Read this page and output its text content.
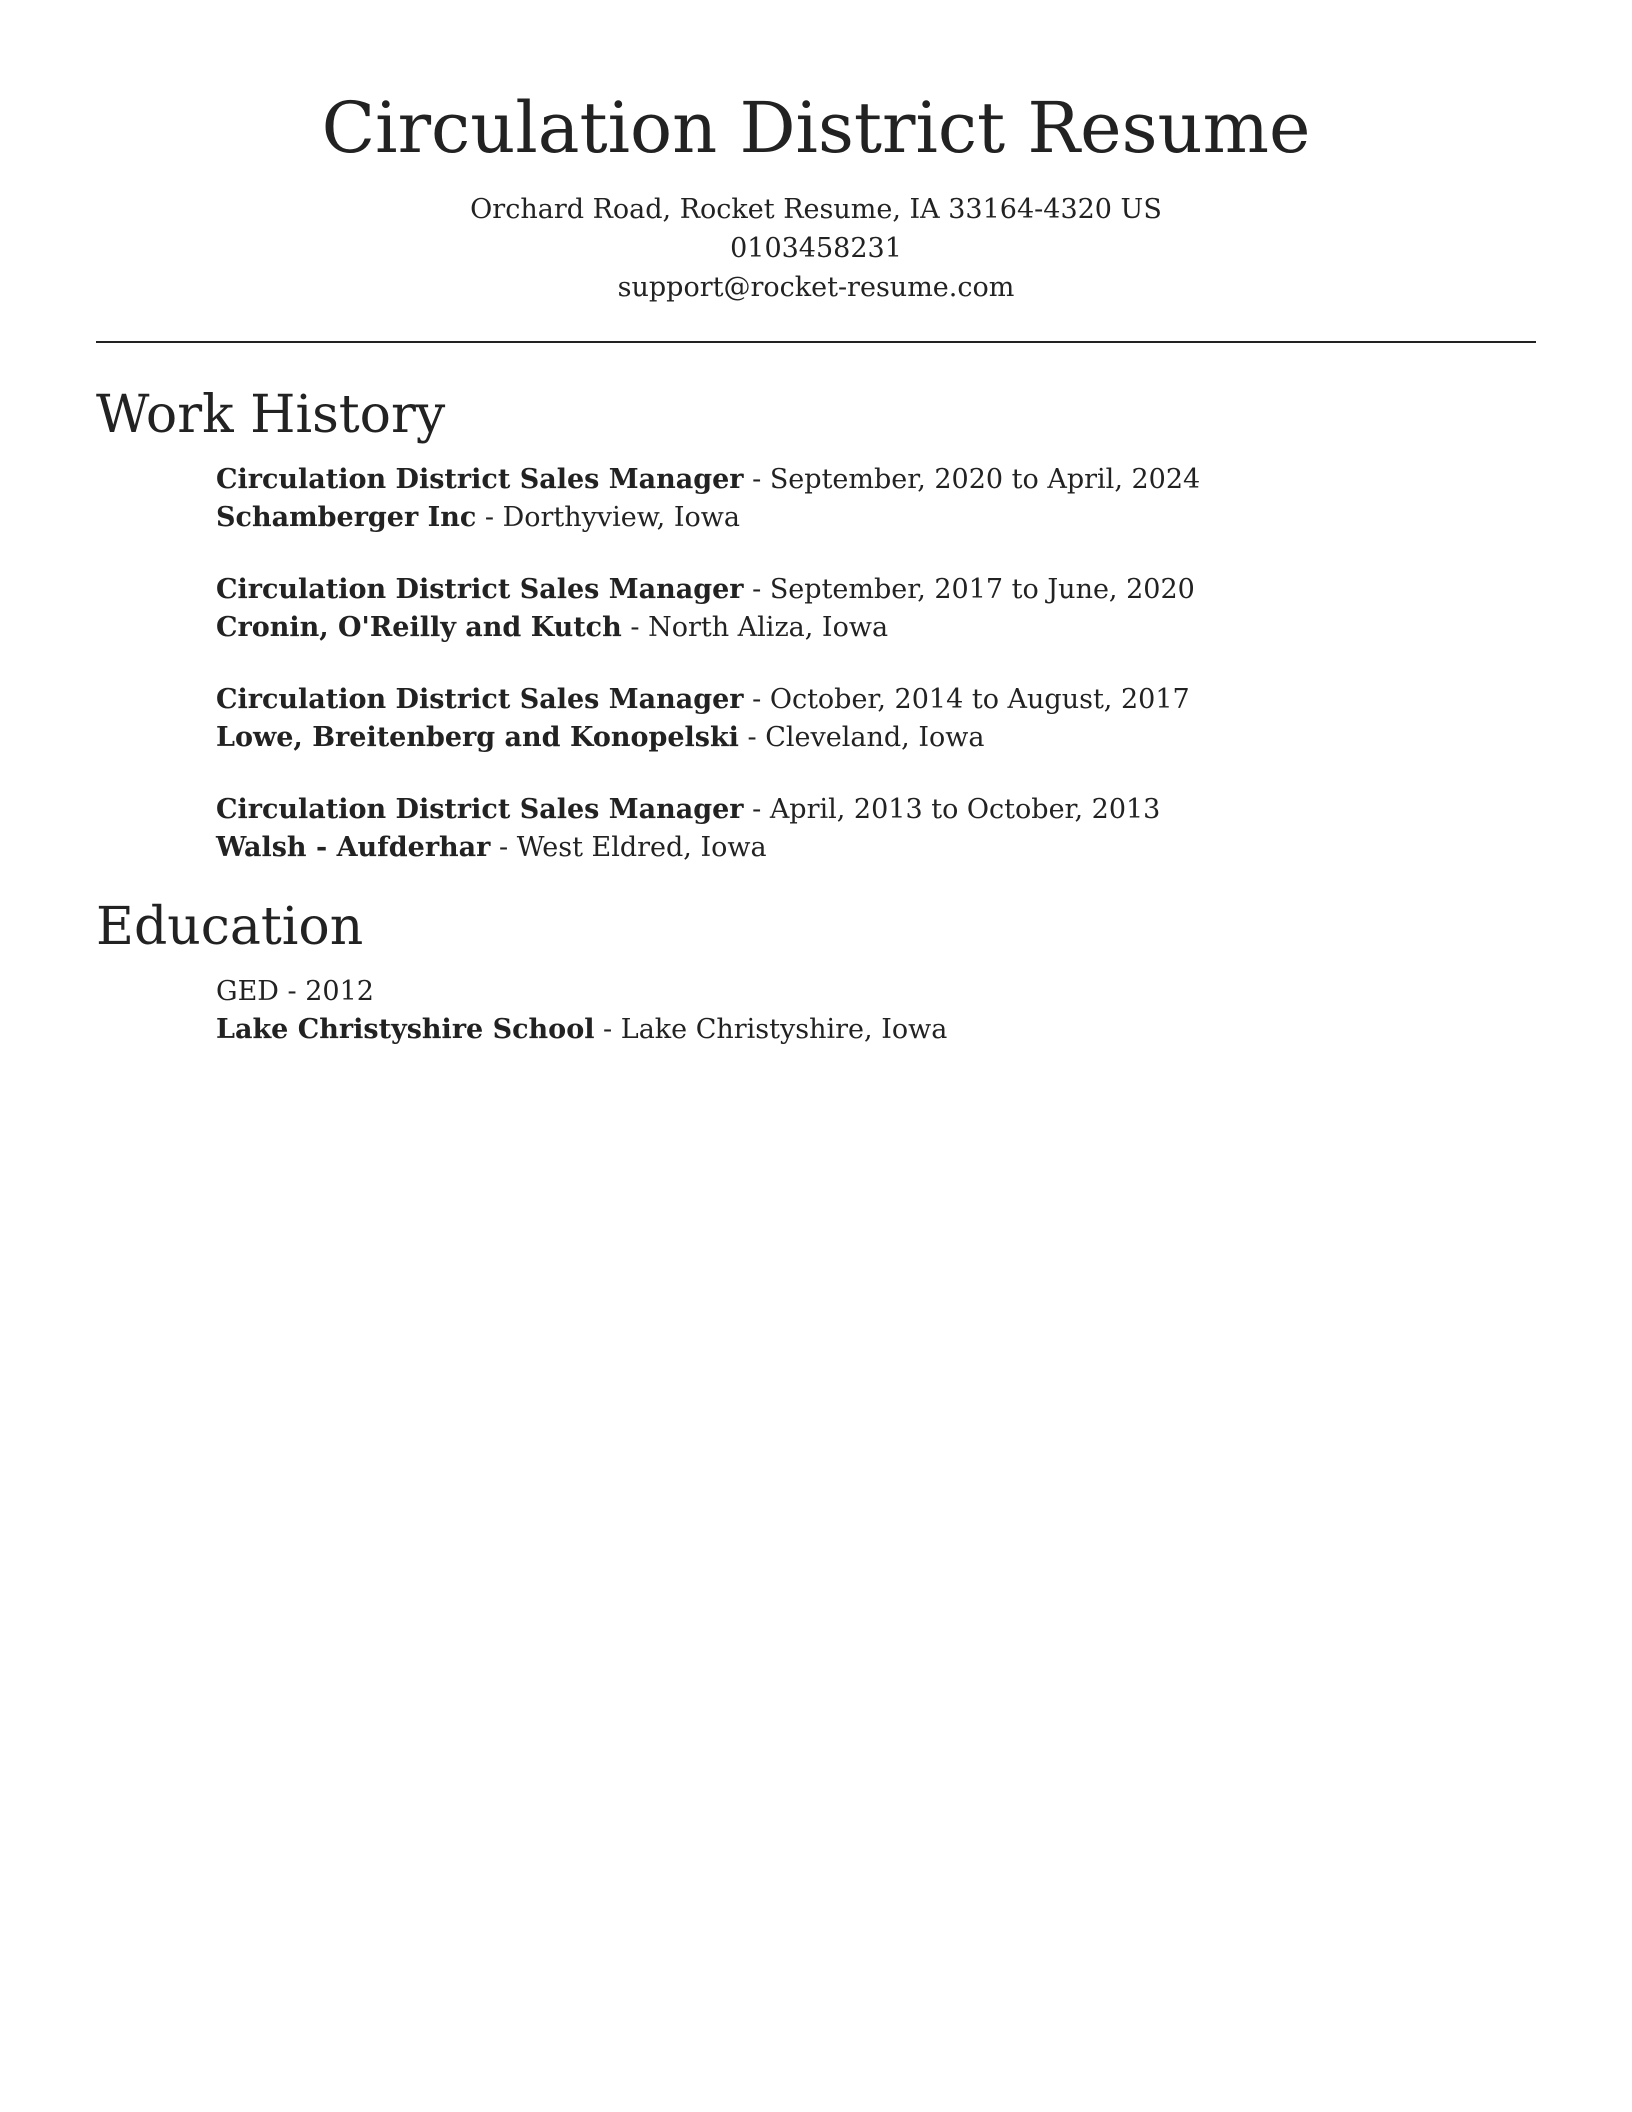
Circulation District Resume
Orchard Road, Rocket Resume, IA 33164-4320 US
0103458231
support@rocket-resume.com
Work History
Circulation District Sales Manager - September, 2020 to April, 2024
Schamberger Inc - Dorthyview, Iowa
Circulation District Sales Manager - September, 2017 to June, 2020
Cronin, O'Reilly and Kutch - North Aliza, Iowa
Circulation District Sales Manager - October, 2014 to August, 2017
Lowe, Breitenberg and Konopelski - Cleveland, Iowa
Circulation District Sales Manager - April, 2013 to October, 2013
Walsh - Aufderhar - West Eldred, Iowa
Education
GED - 2012
Lake Christyshire School - Lake Christyshire, Iowa
